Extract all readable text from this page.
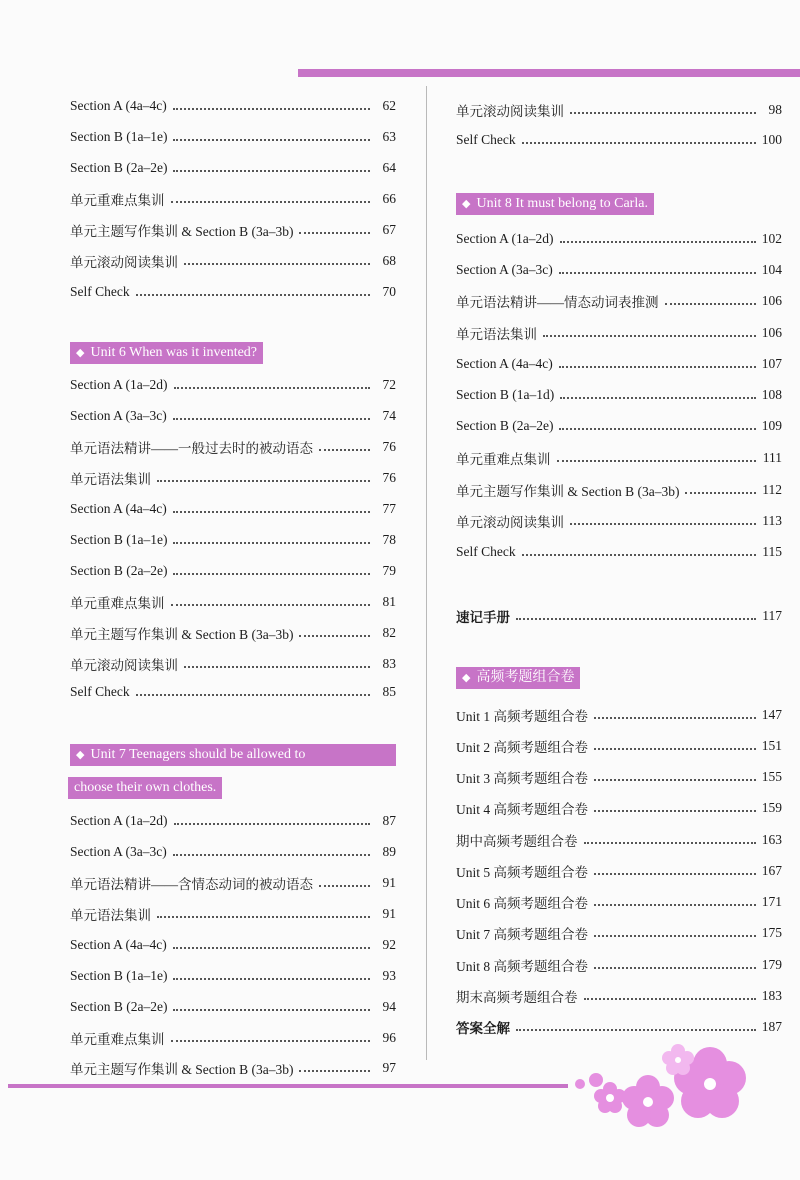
Section A (4a–4c)	62
Section B (1a–1e)	63
Section B (2a–2e)	64
单元重难点集训	66
单元主题写作集训 & Section B (3a–3b)	67
单元滚动阅读集训	68
Self Check	70
◆ Unit 6 When was it invented?
Section A (1a–2d)	72
Section A (3a–3c)	74
单元语法精讲——一般过去时的被动语态	76
单元语法集训	76
Section A (4a–4c)	77
Section B (1a–1e)	78
Section B (2a–2e)	79
单元重难点集训	81
单元主题写作集训 & Section B (3a–3b)	82
单元滚动阅读集训	83
Self Check	85
◆ Unit 7 Teenagers should be allowed to
choose their own clothes.
Section A (1a–2d)	87
Section A (3a–3c)	89
单元语法精讲——含情态动词的被动语态	91
单元语法集训	91
Section A (4a–4c)	92
Section B (1a–1e)	93
Section B (2a–2e)	94
单元重难点集训	96
单元主题写作集训 & Section B (3a–3b)	97
单元滚动阅读集训	98
Self Check	100
◆ Unit 8 It must belong to Carla.
Section A (1a–2d)	102
Section A (3a–3c)	104
单元语法精讲——情态动词表推测	106
单元语法集训	106
Section A (4a–4c)	107
Section B (1a–1d)	108
Section B (2a–2e)	109
单元重难点集训	111
单元主题写作集训 & Section B (3a–3b)	112
单元滚动阅读集训	113
Self Check	115
速记手册	117
◆ 高频考题组合卷
Unit 1 高频考题组合卷	147
Unit 2 高频考题组合卷	151
Unit 3 高频考题组合卷	155
Unit 4 高频考题组合卷	159
期中高频考题组合卷	163
Unit 5 高频考题组合卷	167
Unit 6 高频考题组合卷	171
Unit 7 高频考题组合卷	175
Unit 8 高频考题组合卷	179
期末高频考题组合卷	183
答案全解	187
